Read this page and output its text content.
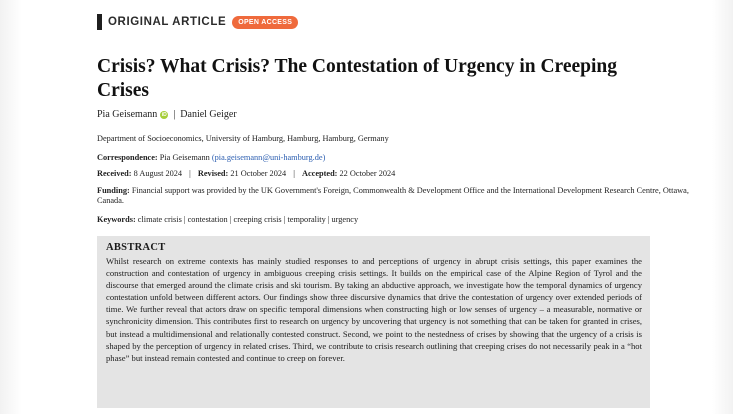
ORIGINAL ARTICLE	OPEN ACCESS
Crisis? What Crisis? The Contestation of Urgency in Creeping Crises
Pia Geisemann iD | Daniel Geiger
Department of Socioeconomics, University of Hamburg, Hamburg, Hamburg, Germany
Correspondence: Pia Geisemann (pia.geisemann@uni-hamburg.de)
Received: 8 August 2024 | Revised: 21 October 2024 | Accepted: 22 October 2024
Funding: Financial support was provided by the UK Government's Foreign, Commonwealth & Development Office and the International Development Research Centre, Ottawa, Canada.
Keywords: climate crisis | contestation | creeping crisis | temporality | urgency
ABSTRACT
Whilst research on extreme contexts has mainly studied responses to and perceptions of urgency in abrupt crisis settings, this paper examines the construction and contestation of urgency in ambiguous creeping crisis settings. It builds on the empirical case of the Alpine Region of Tyrol and the discourse that emerged around the climate crisis and ski tourism. By taking an abductive approach, we investigate how the temporal dynamics of urgency contestation unfold between different actors. Our findings show three discursive dynamics that drive the contestation of urgency over extended periods of time. We further reveal that actors draw on specific temporal dimensions when constructing high or low senses of urgency – a measurable, normative or synchronicity dimension. This contributes first to research on urgency by uncovering that urgency is not something that can be taken for granted in crises, but instead a multidimensional and relationally contested construct. Second, we point to the nestedness of crises by showing that the urgency of a crisis is shaped by the perception of urgency in related crises. Third, we contribute to crisis research outlining that creeping crises do not necessarily peak in a “hot phase” but instead remain contested and continue to creep on forever.
